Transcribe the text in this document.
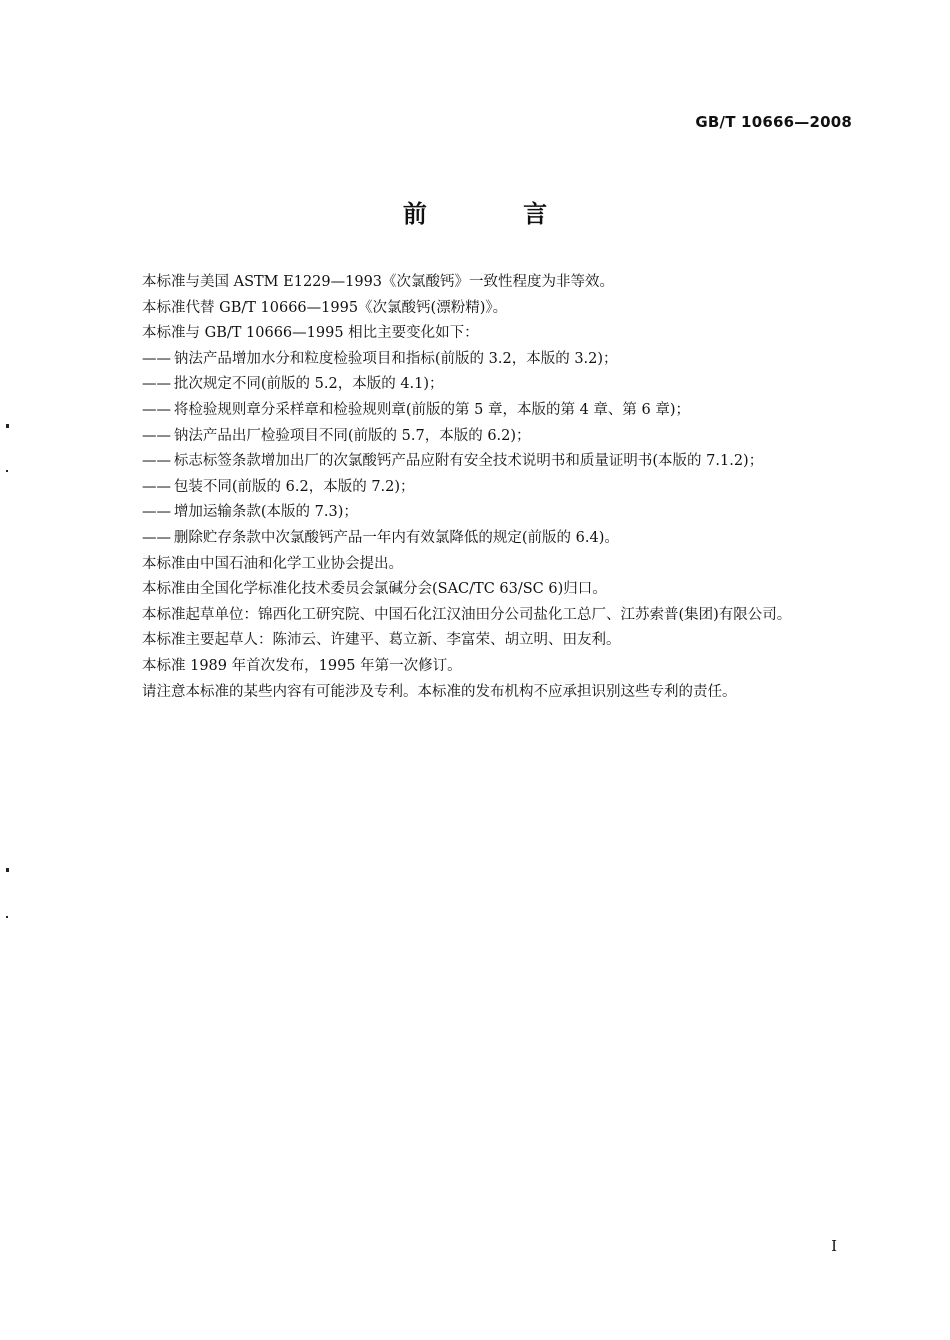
GB/T 10666—2008
前 言

本标准与美国 ASTM E1229—1993《次氯酸钙》一致性程度为非等效。

本标准代替 GB/T 10666—1995《次氯酸钙(漂粉精)》。

本标准与 GB/T 10666—1995 相比主要变化如下：

—— 钠法产品增加水分和粒度检验项目和指标(前版的 3.2，本版的 3.2)；

—— 批次规定不同(前版的 5.2，本版的 4.1)；

—— 将检验规则章分采样章和检验规则章(前版的第 5 章，本版的第 4 章、第 6 章)；

—— 钠法产品出厂检验项目不同(前版的 5.7，本版的 6.2)；

—— 标志标签条款增加出厂的次氯酸钙产品应附有安全技术说明书和质量证明书(本版的 7.1.2)；

—— 包装不同(前版的 6.2，本版的 7.2)；

—— 增加运输条款(本版的 7.3)；

—— 删除贮存条款中次氯酸钙产品一年内有效氯降低的规定(前版的 6.4)。

本标准由中国石油和化学工业协会提出。

本标准由全国化学标准化技术委员会氯碱分会(SAC/TC 63/SC 6)归口。

本标准起草单位：锦西化工研究院、中国石化江汉油田分公司盐化工总厂、江苏索普(集团)有限公司。

本标准主要起草人：陈沛云、许建平、葛立新、李富荣、胡立明、田友利。

本标准 1989 年首次发布，1995 年第一次修订。

请注意本标准的某些内容有可能涉及专利。本标准的发布机构不应承担识别这些专利的责任。

I
